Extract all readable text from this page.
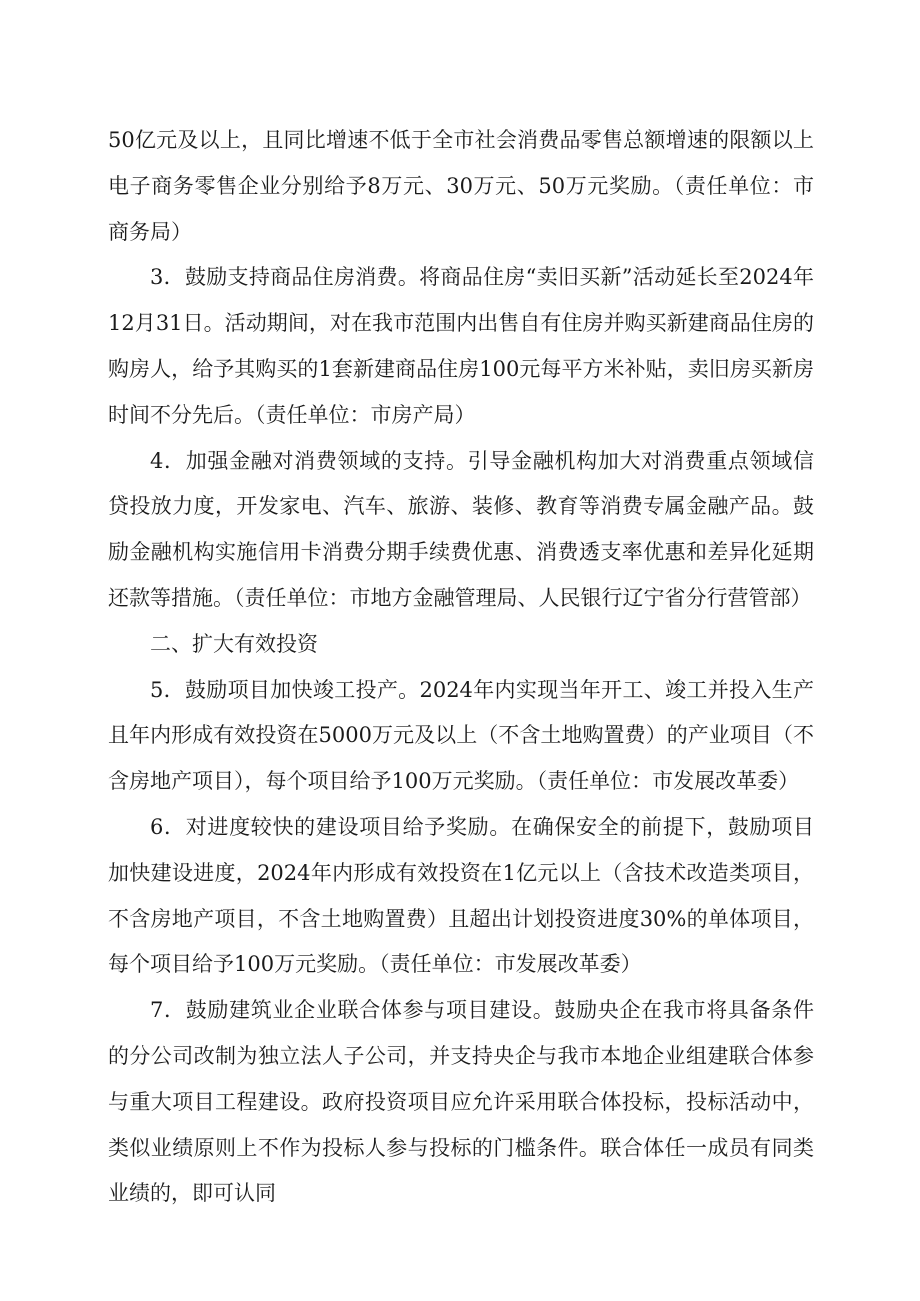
50亿元及以上，且同比增速不低于全市社会消费品零售总额增速的限额以上电子商务零售企业分别给予8万元、30万元、50万元奖励。（责任单位：市商务局）

3．鼓励支持商品住房消费。将商品住房“卖旧买新”活动延长至2024年12月31日。活动期间，对在我市范围内出售自有住房并购买新建商品住房的购房人，给予其购买的1套新建商品住房100元每平方米补贴，卖旧房买新房时间不分先后。（责任单位：市房产局）

4．加强金融对消费领域的支持。引导金融机构加大对消费重点领域信贷投放力度，开发家电、汽车、旅游、装修、教育等消费专属金融产品。鼓励金融机构实施信用卡消费分期手续费优惠、消费透支率优惠和差异化延期还款等措施。（责任单位：市地方金融管理局、人民银行辽宁省分行营管部）

二、扩大有效投资

5．鼓励项目加快竣工投产。2024年内实现当年开工、竣工并投入生产且年内形成有效投资在5000万元及以上（不含土地购置费）的产业项目（不含房地产项目），每个项目给予100万元奖励。（责任单位：市发展改革委）

6．对进度较快的建设项目给予奖励。在确保安全的前提下，鼓励项目加快建设进度，2024年内形成有效投资在1亿元以上（含技术改造类项目，不含房地产项目，不含土地购置费）且超出计划投资进度30%的单体项目，每个项目给予100万元奖励。（责任单位：市发展改革委）

7．鼓励建筑业企业联合体参与项目建设。鼓励央企在我市将具备条件的分公司改制为独立法人子公司，并支持央企与我市本地企业组建联合体参与重大项目工程建设。政府投资项目应允许采用联合体投标，投标活动中，类似业绩原则上不作为投标人参与投标的门槛条件。联合体任一成员有同类业绩的，即可认同
